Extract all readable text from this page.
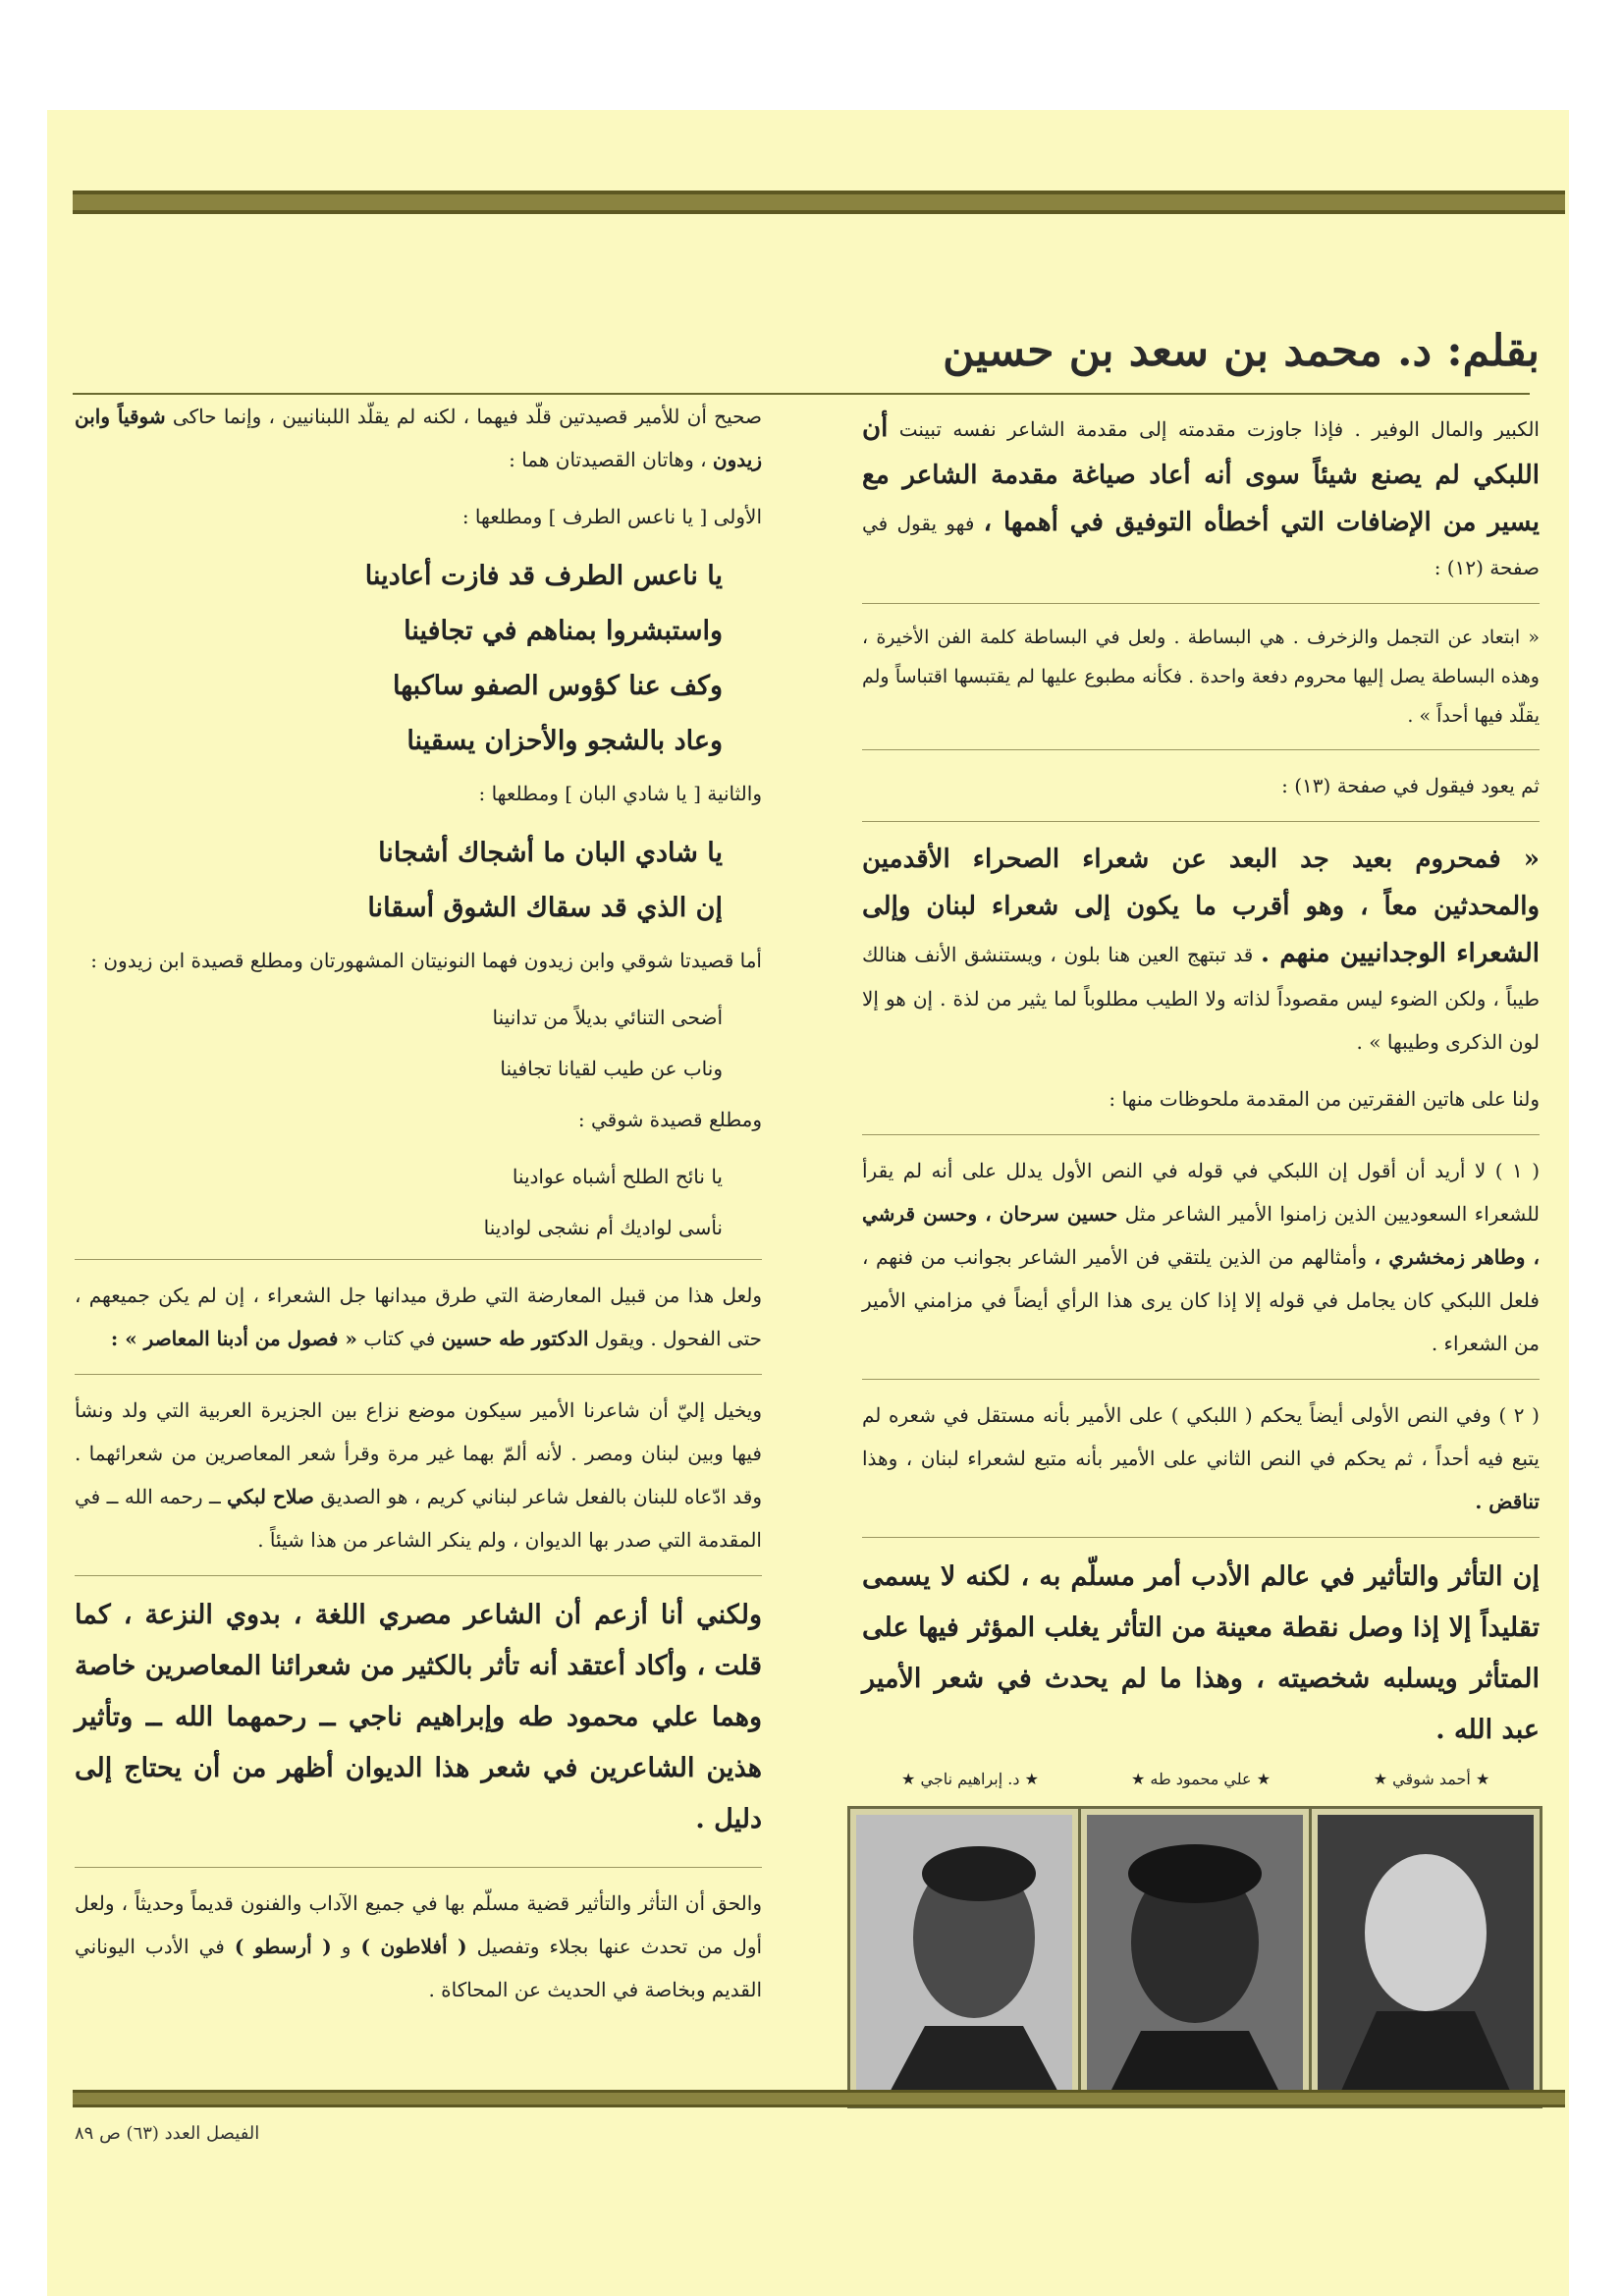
بقلم: د. محمد بن سعد بن حسين

الكبير والمال الوفير . فإذا جاوزت مقدمته إلى مقدمة الشاعر نفسه تبينت أن اللبكي لم يصنع شيئاً سوى أنه أعاد صياغة مقدمة الشاعر مع يسير من الإضافات التي أخطأه التوفيق في أهمها ، فهو يقول في صفحة (١٢) :

« ابتعاد عن التجمل والزخرف . هي البساطة . ولعل في البساطة كلمة الفن الأخيرة ، وهذه البساطة يصل إليها محروم دفعة واحدة . فكأنه مطبوع عليها لم يقتبسها اقتباساً ولم يقلّد فيها أحداً » .

ثم يعود فيقول في صفحة (١٣) :

« فمحروم بعيد جد البعد عن شعراء الصحراء الأقدمين والمحدثين معاً ، وهو أقرب ما يكون إلى شعراء لبنان وإلى الشعراء الوجدانيين منهم . قد تبتهج العين هنا بلون ، ويستنشق الأنف هنالك طيباً ، ولكن الضوء ليس مقصوداً لذاته ولا الطيب مطلوباً لما يثير من لذة . إن هو إلا لون الذكرى وطيبها » .

ولنا على هاتين الفقرتين من المقدمة ملحوظات منها :

( ١ ) لا أريد أن أقول إن اللبكي في قوله في النص الأول يدلل على أنه لم يقرأ للشعراء السعوديين الذين زامنوا الأمير الشاعر مثل حسين سرحان ، وحسن قرشي ، وطاهر زمخشري ، وأمثالهم من الذين يلتقي فن الأمير الشاعر بجوانب من فنهم ، فلعل اللبكي كان يجامل في قوله إلا إذا كان يرى هذا الرأي أيضاً في مزامني الأمير من الشعراء .

( ٢ ) وفي النص الأولى أيضاً يحكم ( اللبكي ) على الأمير بأنه مستقل في شعره لم يتبع فيه أحداً ، ثم يحكم في النص الثاني على الأمير بأنه متبع لشعراء لبنان ، وهذا تناقض .

إن التأثر والتأثير في عالم الأدب أمر مسلّم به ، لكنه لا يسمى تقليداً إلا إذا وصل نقطة معينة من التأثر يغلب المؤثر فيها على المتأثر ويسلبه شخصيته ، وهذا ما لم يحدث في شعر الأمير عبد الله .

★ أحمد شوقي ★
★ علي محمود طه ★
★ د. إبراهيم ناجي ★

صحيح أن للأمير قصيدتين قلّد فيهما ، لكنه لم يقلّد اللبنانيين ، وإنما حاكى شوقياً وابن زيدون ، وهاتان القصيدتان هما :

الأولى [ يا ناعس الطرف ] ومطلعها :

يا ناعس الطرف قد فازت أعادينا
واستبشروا بمناهم في تجافينا
وكف عنا كؤوس الصفو ساكبها
وعاد بالشجو والأحزان يسقينا

والثانية [ يا شادي البان ] ومطلعها :

يا شادي البان ما أشجاك أشجانا
إن الذي قد سقاك الشوق أسقانا

أما قصيدتا شوقي وابن زيدون فهما النونيتان المشهورتان ومطلع قصيدة ابن زيدون :

أضحى التنائي بديلاً من تدانينا
وناب عن طيب لقيانا تجافينا

ومطلع قصيدة شوقي :

يا نائح الطلح أشباه عوادينا
نأسى لواديك أم نشجى لوادينا

ولعل هذا من قبيل المعارضة التي طرق ميدانها جل الشعراء ، إن لم يكن جميعهم ، حتى الفحول . ويقول الدكتور طه حسين في كتاب « فصول من أدبنا المعاصر » :

ويخيل إليّ أن شاعرنا الأمير سيكون موضع نزاع بين الجزيرة العربية التي ولد ونشأ فيها وبين لبنان ومصر . لأنه ألمّ بهما غير مرة وقرأ شعر المعاصرين من شعرائهما . وقد ادّعاه للبنان بالفعل شاعر لبناني كريم ، هو الصديق صلاح لبكي ــ رحمه الله ــ في المقدمة التي صدر بها الديوان ، ولم ينكر الشاعر من هذا شيئاً .

ولكني أنا أزعم أن الشاعر مصري اللغة ، بدوي النزعة ، كما قلت ، وأكاد أعتقد أنه تأثر بالكثير من شعرائنا المعاصرين خاصة وهما علي محمود طه وإبراهيم ناجي ــ رحمهما الله ــ وتأثير هذين الشاعرين في شعر هذا الديوان أظهر من أن يحتاج إلى دليل .

والحق أن التأثر والتأثير قضية مسلّم بها في جميع الآداب والفنون قديماً وحديثاً ، ولعل أول من تحدث عنها بجلاء وتفصيل ( أفلاطون ) و ( أرسطو ) في الأدب اليوناني القديم وبخاصة في الحديث عن المحاكاة .

الفيصل العدد (٦٣) ص ٨٩
